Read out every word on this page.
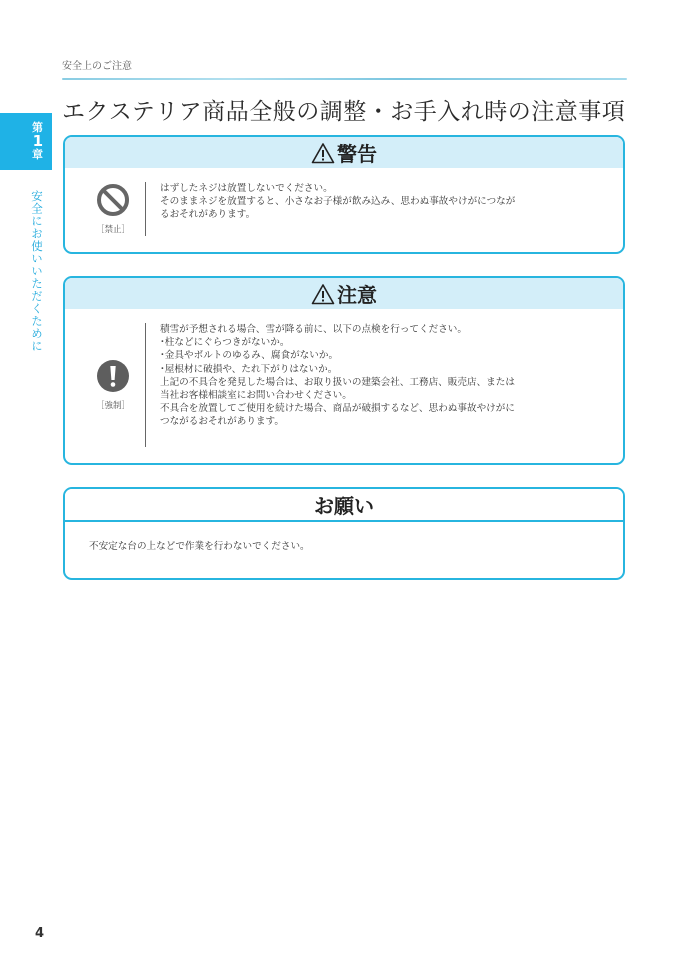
安全上のご注意
エクステリア商品全般の調整・お手入れ時の注意事項
第
1
章
安全にお使いいただくために
警告
［禁止］
はずしたネジは放置しないでください。
そのままネジを放置すると、小さなお子様が飲み込み、思わぬ事故やけがにつなが
るおそれがあります。
注意
［強制］
積雪が予想される場合、雪が降る前に、以下の点検を行ってください。
･柱などにぐらつきがないか。
･金具やボルトのゆるみ、腐食がないか。
･屋根材に破損や、たれ下がりはないか。
上記の不具合を発見した場合は、お取り扱いの建築会社、工務店、販売店、または
当社お客様相談室にお問い合わせください。
不具合を放置してご使用を続けた場合、商品が破損するなど、思わぬ事故やけがに
つながるおそれがあります。
お願い
不安定な台の上などで作業を行わないでください。
4
